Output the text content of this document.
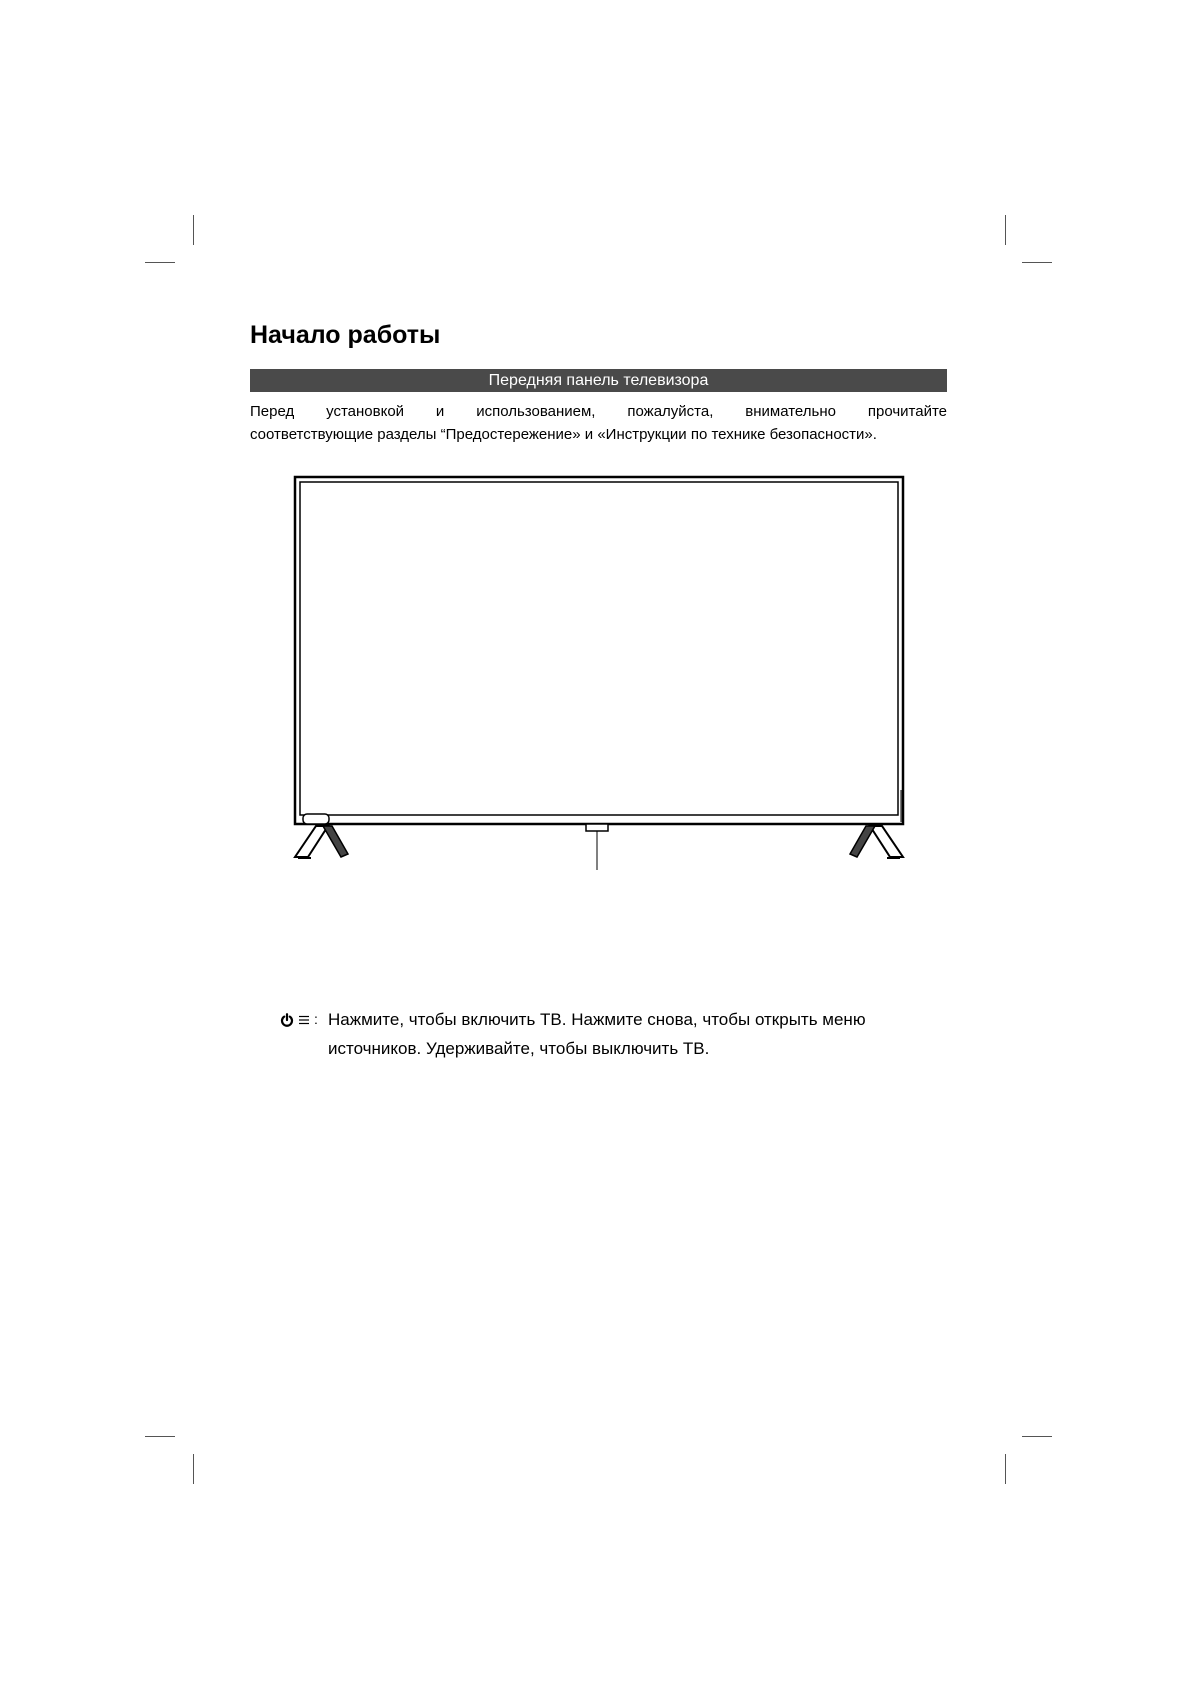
Начало работы
Передняя панель телевизора
Перед установкой и использованием, пожалуйста, внимательно прочитайте
соответствующие разделы “Предостережение» и «Инструкции по технике безопасности».
: Нажмите, чтобы включить ТВ. Нажмите снова, чтобы открыть меню
источников. Удерживайте, чтобы выключить ТВ.
